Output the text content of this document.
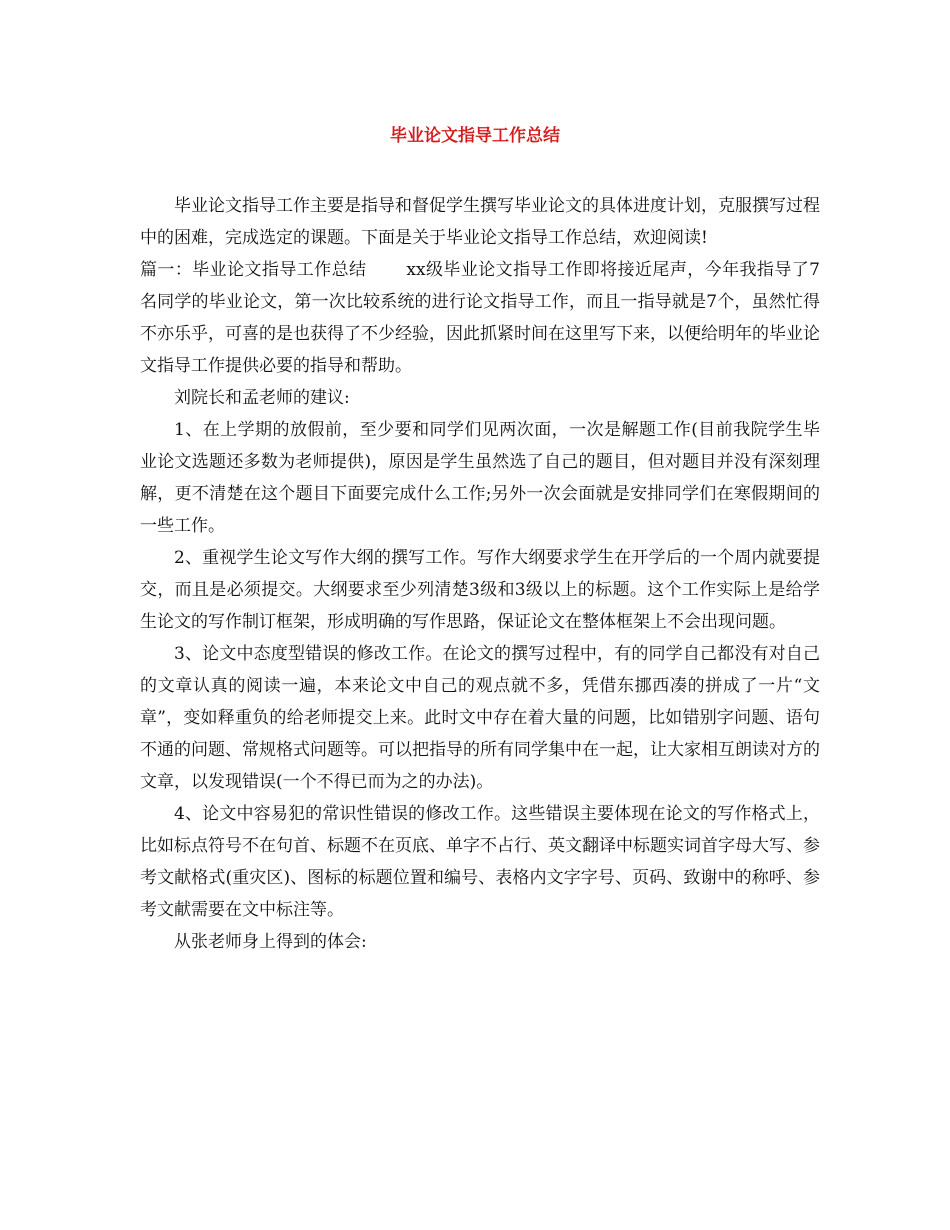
毕业论文指导工作总结

毕业论文指导工作主要是指导和督促学生撰写毕业论文的具体进度计划，克服撰写过程中的困难，完成选定的课题。下面是关于毕业论文指导工作总结，欢迎阅读!

篇一：毕业论文指导工作总结 xx级毕业论文指导工作即将接近尾声，今年我指导了7名同学的毕业论文，第一次比较系统的进行论文指导工作，而且一指导就是7个，虽然忙得不亦乐乎，可喜的是也获得了不少经验，因此抓紧时间在这里写下来，以便给明年的毕业论文指导工作提供必要的指导和帮助。

刘院长和孟老师的建议:

1、在上学期的放假前，至少要和同学们见两次面，一次是解题工作(目前我院学生毕业论文选题还多数为老师提供)，原因是学生虽然选了自己的题目，但对题目并没有深刻理解，更不清楚在这个题目下面要完成什么工作;另外一次会面就是安排同学们在寒假期间的一些工作。

2、重视学生论文写作大纲的撰写工作。写作大纲要求学生在开学后的一个周内就要提交，而且是必须提交。大纲要求至少列清楚3级和3级以上的标题。这个工作实际上是给学生论文的写作制订框架，形成明确的写作思路，保证论文在整体框架上不会出现问题。

3、论文中态度型错误的修改工作。在论文的撰写过程中，有的同学自己都没有对自己的文章认真的阅读一遍，本来论文中自己的观点就不多，凭借东挪西凑的拼成了一片“文章”，变如释重负的给老师提交上来。此时文中存在着大量的问题，比如错别字问题、语句不通的问题、常规格式问题等。可以把指导的所有同学集中在一起，让大家相互朗读对方的文章，以发现错误(一个不得已而为之的办法)。

4、论文中容易犯的常识性错误的修改工作。这些错误主要体现在论文的写作格式上，比如标点符号不在句首、标题不在页底、单字不占行、英文翻译中标题实词首字母大写、参考文献格式(重灾区)、图标的标题位置和编号、表格内文字字号、页码、致谢中的称呼、参考文献需要在文中标注等。

从张老师身上得到的体会:
